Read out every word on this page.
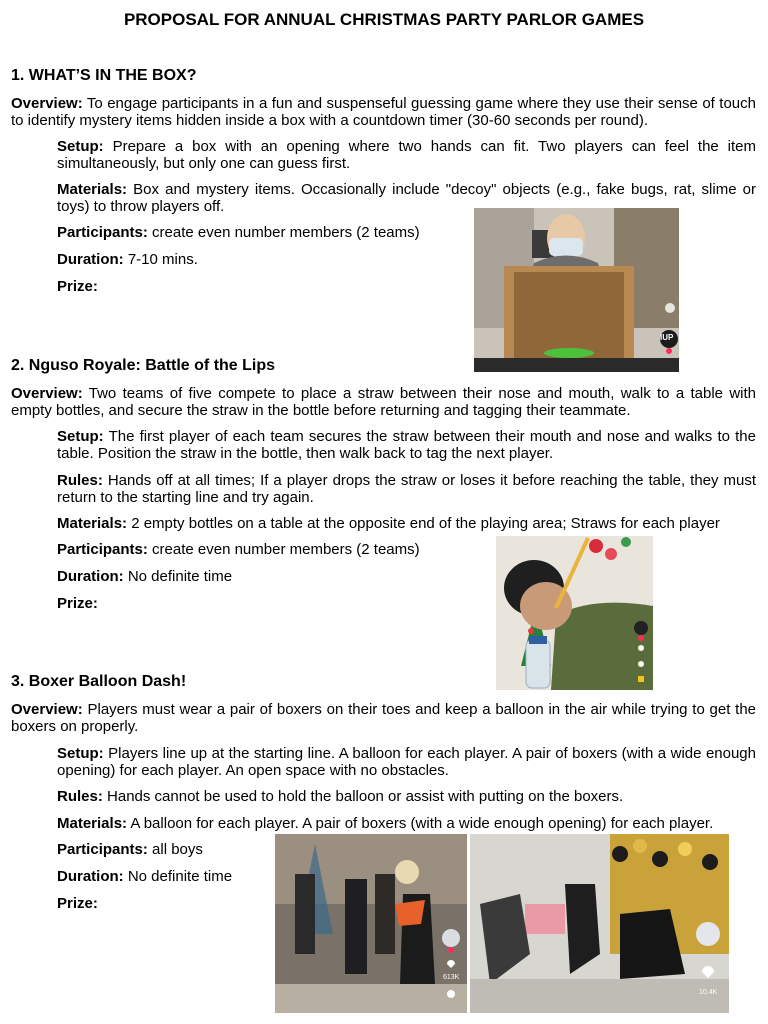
PROPOSAL FOR ANNUAL CHRISTMAS PARTY PARLOR GAMES
1. WHAT’S IN THE BOX?
Overview: To engage participants in a fun and suspenseful guessing game where they use their sense of touch to identify mystery items hidden inside a box with a countdown timer (30-60 seconds per round).
Setup: Prepare a box with an opening where two hands can fit. Two players can feel the item simultaneously, but only one can guess first.
Materials: Box and mystery items. Occasionally include "decoy" objects (e.g., fake bugs, rat, slime or toys) to throw players off.
Participants: create even number members (2 teams)
Duration: 7-10 mins.
Prize:
IUP
2. Nguso Royale: Battle of the Lips
Overview: Two teams of five compete to place a straw between their nose and mouth, walk to a table with empty bottles, and secure the straw in the bottle before returning and tagging their teammate.
Setup: The first player of each team secures the straw between their mouth and nose and walks to the table. Position the straw in the bottle, then walk back to tag the next player.
Rules: Hands off at all times; If a player drops the straw or loses it before reaching the table, they must return to the starting line and try again.
Materials: 2 empty bottles on a table at the opposite end of the playing area; Straws for each player
Participants: create even number members (2 teams)
Duration: No definite time
Prize:
3. Boxer Balloon Dash!
Overview: Players must wear a pair of boxers on their toes and keep a balloon in the air while trying to get the boxers on properly.
Setup: Players line up at the starting line. A balloon for each player. A pair of boxers (with a wide enough opening) for each player. An open space with no obstacles.
Rules: Hands cannot be used to hold the balloon or assist with putting on the boxers.
Materials: A balloon for each player. A pair of boxers (with a wide enough opening) for each player.
Participants: all boys
Duration: No definite time
Prize:
613K
10.4K
